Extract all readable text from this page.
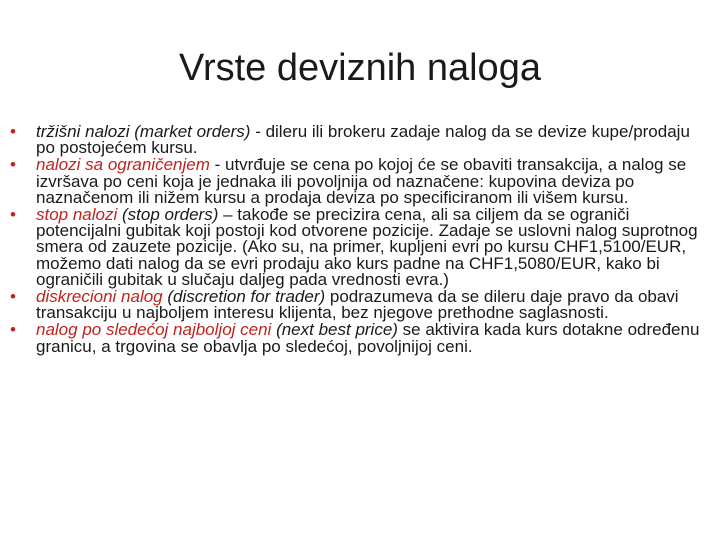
Vrste deviznih naloga
•	tržišni nalozi (market orders) - dileru ili brokeru zadaje nalog da se devize kupe/prodaju po postojećem kursu.
•	nalozi sa ograničenjem - utvrđuje se cena po kojoj će se obaviti transakcija, a nalog se izvršava po ceni koja je jednaka ili povoljnija od naznačene: kupovina deviza po naznačenom ili nižem kursu a prodaja deviza po specificiranom ili višem kursu.
•	stop nalozi (stop orders) – takođe se precizira cena, ali sa ciljem da se ograniči potencijalni gubitak koji postoji kod otvorene pozicije. Zadaje se uslovni nalog suprotnog smera od zauzete pozicije. (Ako su, na primer, kupljeni evri po kursu CHF1,5100/EUR, možemo dati nalog da se evri prodaju ako kurs padne na CHF1,5080/EUR, kako bi ograničili gubitak u slučaju daljeg pada vrednosti evra.)
•	diskrecioni nalog (discretion for trader) podrazumeva da se dileru daje pravo da obavi transakciju u najboljem interesu klijenta, bez njegove prethodne saglasnosti.
•	nalog po sledećoj najboljoj ceni (next best price) se aktivira kada kurs dotakne određenu granicu, a trgovina se obavlja po sledećoj, povoljnijoj ceni.
